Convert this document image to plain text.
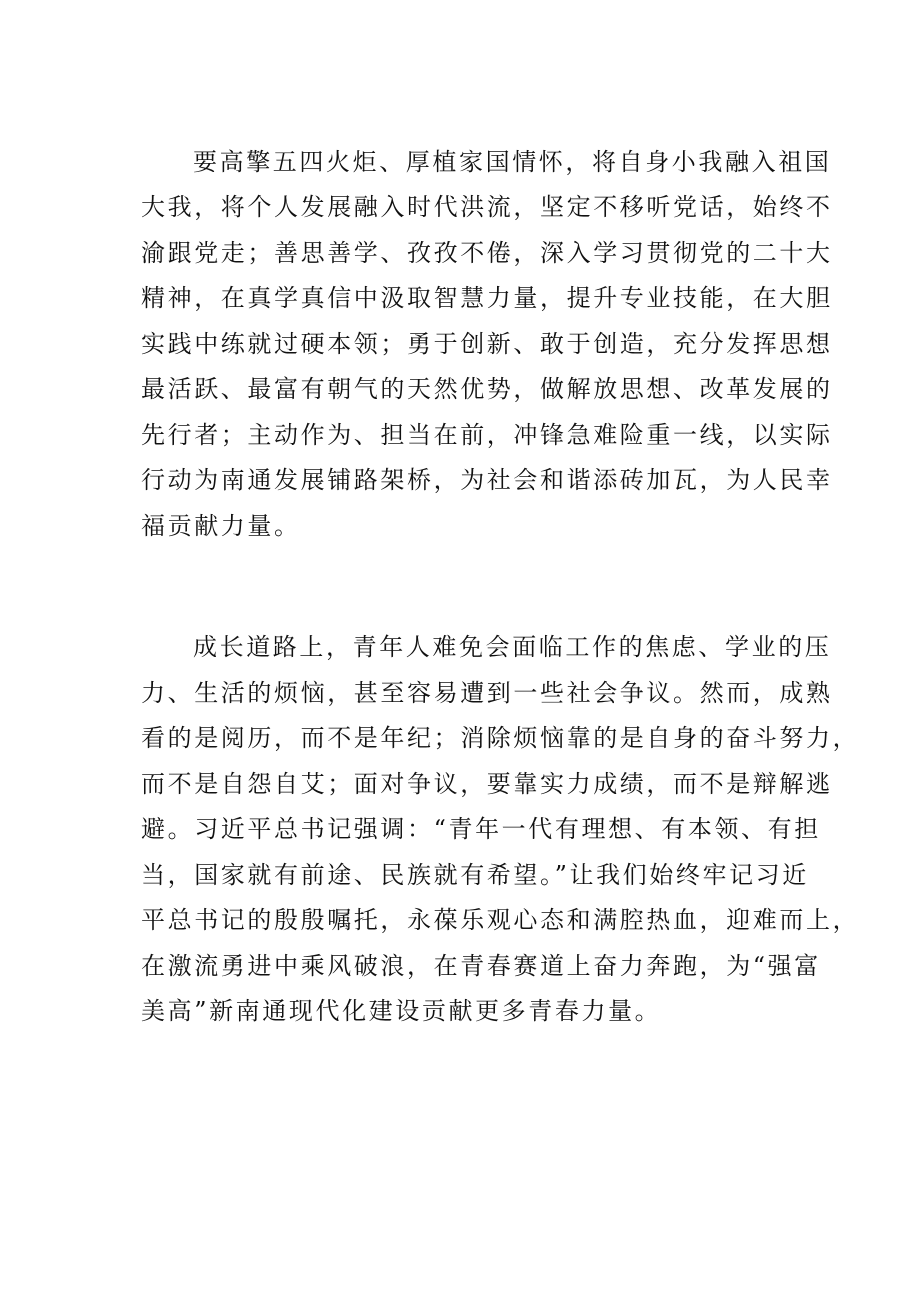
要高擎五四火炬、厚植家国情怀，将自身小我融入祖国
大我，将个人发展融入时代洪流，坚定不移听党话，始终不
渝跟党走；善思善学、孜孜不倦，深入学习贯彻党的二十大
精神，在真学真信中汲取智慧力量，提升专业技能，在大胆
实践中练就过硬本领；勇于创新、敢于创造，充分发挥思想
最活跃、最富有朝气的天然优势，做解放思想、改革发展的
先行者；主动作为、担当在前，冲锋急难险重一线，以实际
行动为南通发展铺路架桥，为社会和谐添砖加瓦，为人民幸
福贡献力量。
成长道路上，青年人难免会面临工作的焦虑、学业的压
力、生活的烦恼，甚至容易遭到一些社会争议。然而，成熟
看的是阅历，而不是年纪；消除烦恼靠的是自身的奋斗努力，
而不是自怨自艾；面对争议，要靠实力成绩，而不是辩解逃
避。习近平总书记强调：“青年一代有理想、有本领、有担
当，国家就有前途、民族就有希望。”让我们始终牢记习近
平总书记的殷殷嘱托，永葆乐观心态和满腔热血，迎难而上，
在激流勇进中乘风破浪，在青春赛道上奋力奔跑，为“强富
美高”新南通现代化建设贡献更多青春力量。
